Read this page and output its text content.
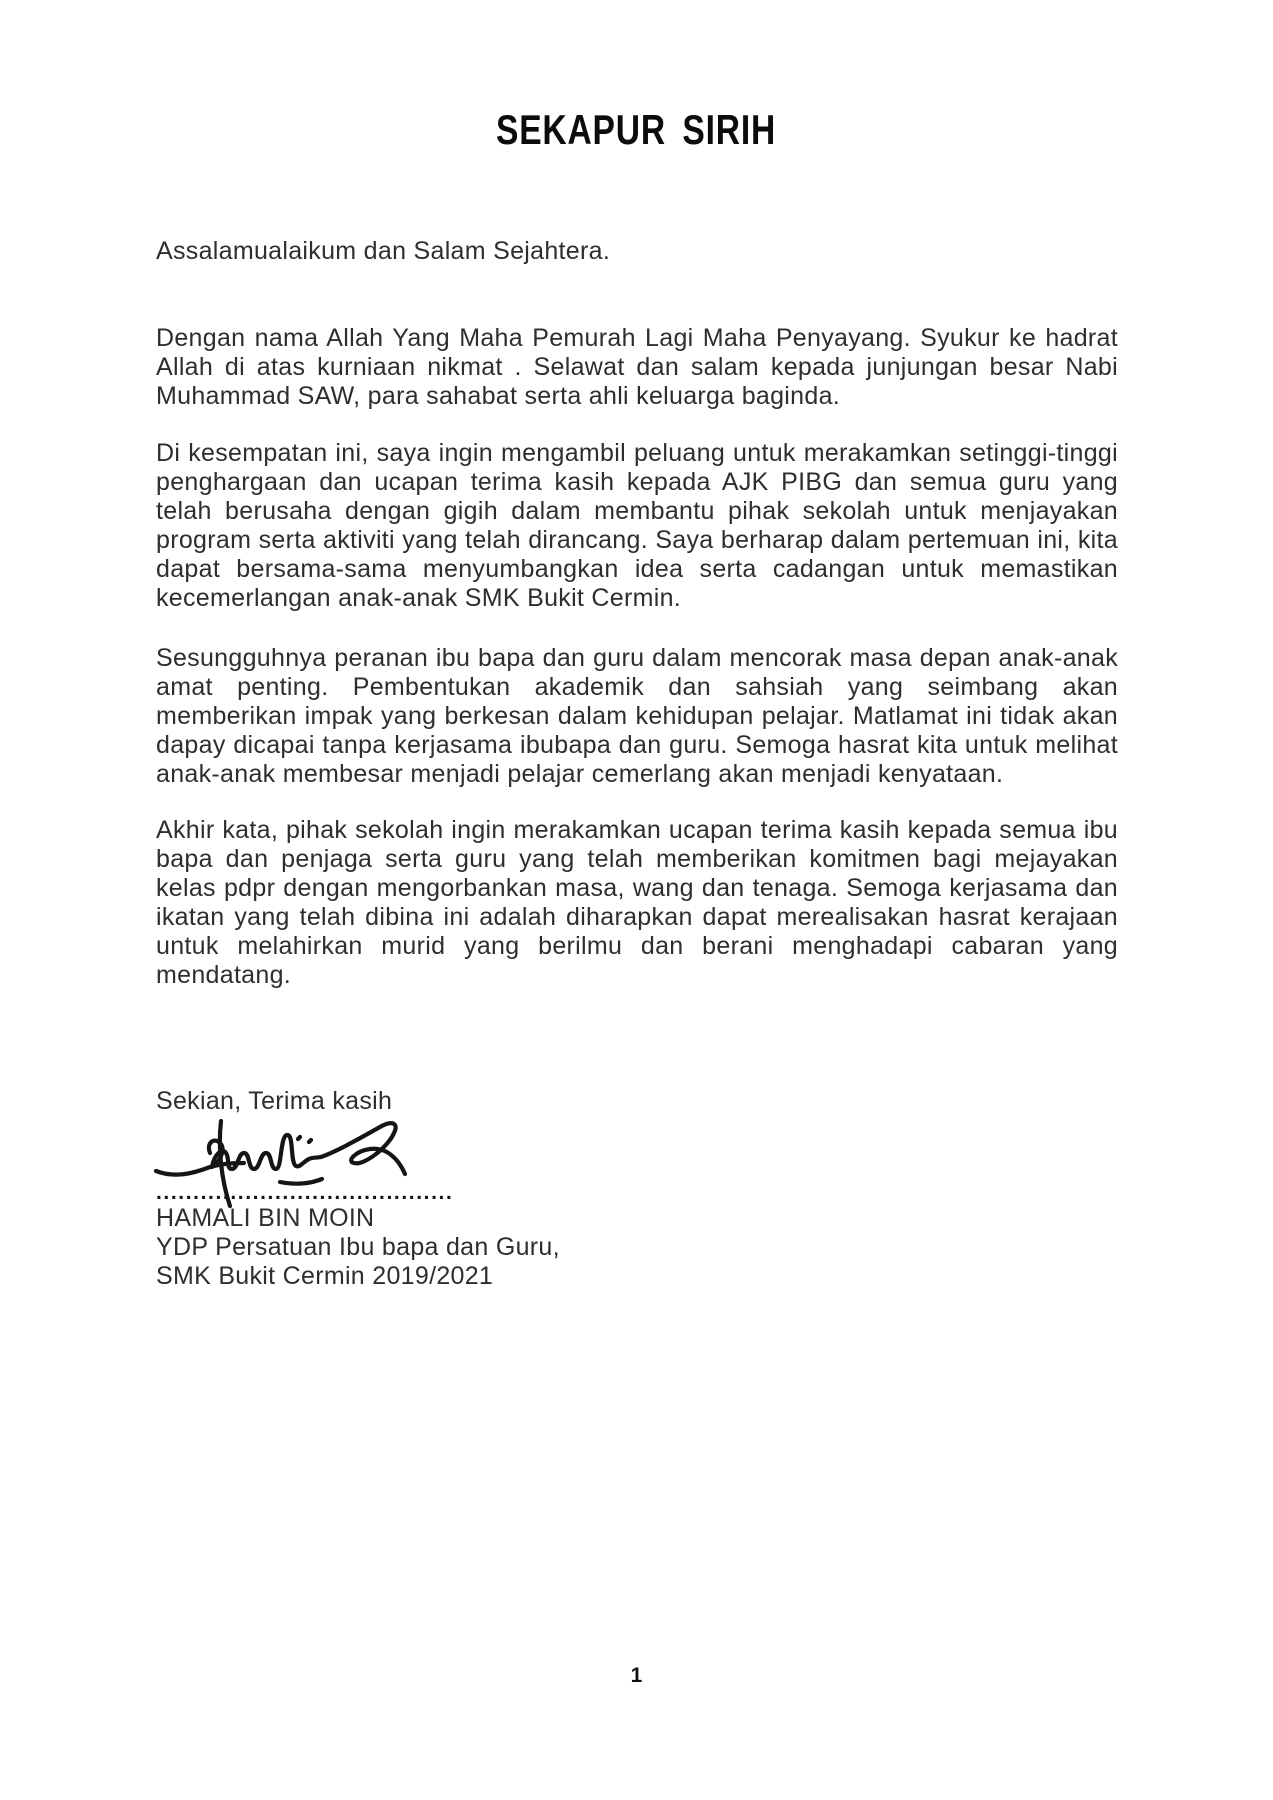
SEKAPUR SIRIH

Assalamualaikum dan Salam Sejahtera.

Dengan nama Allah Yang Maha Pemurah Lagi Maha Penyayang. Syukur ke hadrat Allah di atas kurniaan nikmat . Selawat dan salam kepada junjungan besar Nabi Muhammad SAW, para sahabat serta ahli keluarga baginda.

Di kesempatan ini, saya ingin mengambil peluang untuk merakamkan setinggi-tinggi penghargaan dan ucapan terima kasih kepada AJK PIBG dan semua guru yang telah berusaha dengan gigih dalam membantu pihak sekolah untuk menjayakan program serta aktiviti yang telah dirancang. Saya berharap dalam pertemuan ini, kita dapat bersama-sama menyumbangkan idea serta cadangan untuk memastikan kecemerlangan anak-anak SMK Bukit Cermin.

Sesungguhnya peranan ibu bapa dan guru dalam mencorak masa depan anak-anak amat penting. Pembentukan akademik dan sahsiah yang seimbang akan memberikan impak yang berkesan dalam kehidupan pelajar. Matlamat ini tidak akan dapay dicapai tanpa kerjasama ibubapa dan guru. Semoga hasrat kita untuk melihat anak-anak membesar menjadi pelajar cemerlang akan menjadi kenyataan.

Akhir kata, pihak sekolah ingin merakamkan ucapan terima kasih kepada semua ibu bapa dan penjaga serta guru yang telah memberikan komitmen bagi mejayakan kelas pdpr dengan mengorbankan masa, wang dan tenaga. Semoga kerjasama dan ikatan yang telah dibina ini adalah diharapkan dapat merealisakan hasrat kerajaan untuk melahirkan murid yang berilmu dan berani menghadapi cabaran yang mendatang.

Sekian, Terima kasih

........................................

HAMALI BIN MOIN
YDP Persatuan Ibu bapa dan Guru,
SMK Bukit Cermin 2019/2021
1
